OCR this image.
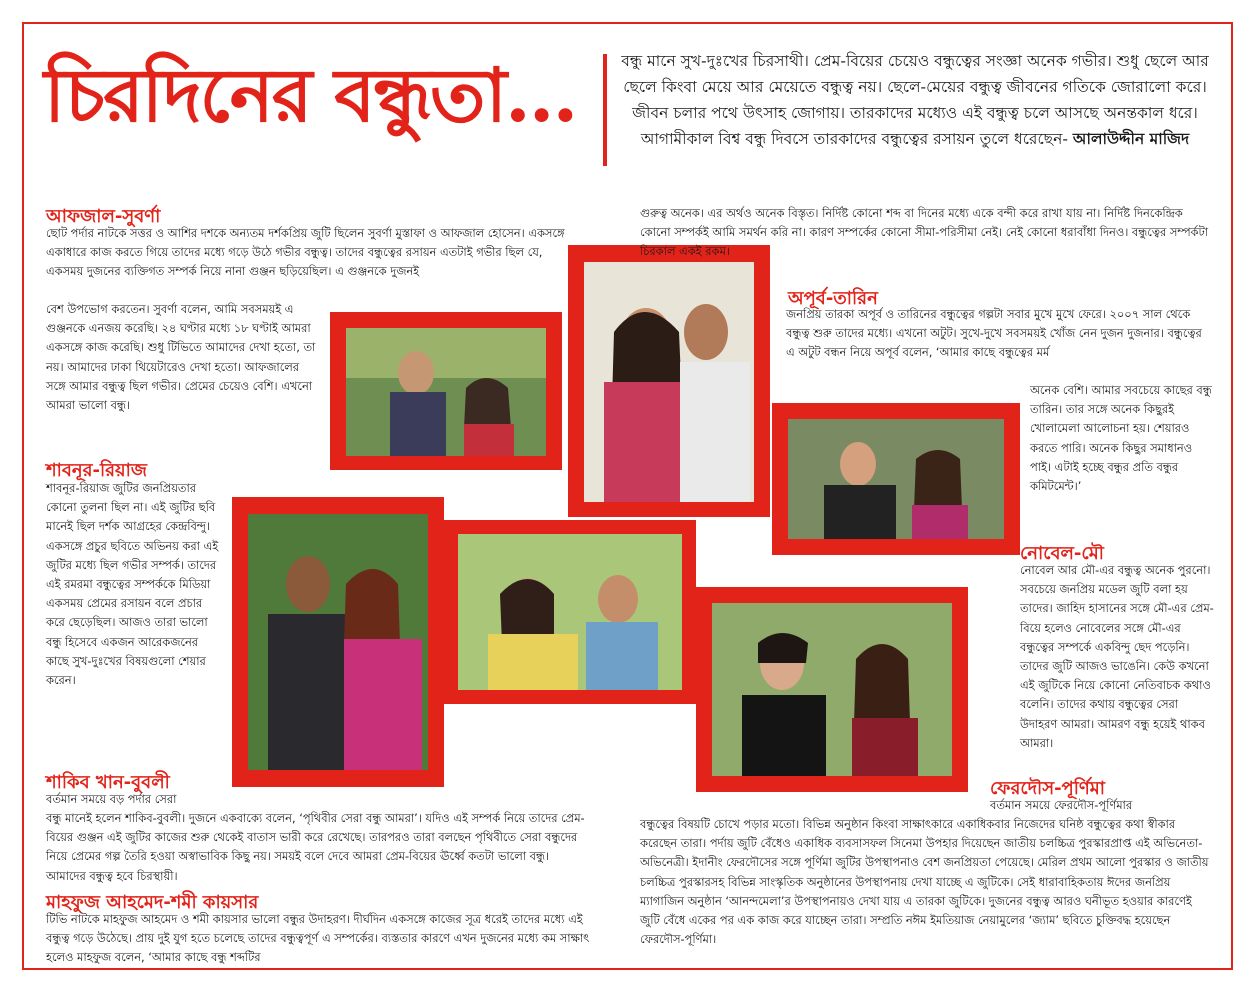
চিরদিনের বন্ধুতা...	বন্ধু মানে সুখ-দুঃখের চিরসাথী। প্রেম-বিয়ের চেয়েও বন্ধুত্বের সংজ্ঞা অনেক গভীর। শুধু ছেলে আর ছেলে কিংবা মেয়ে আর মেয়েতে বন্ধুত্ব নয়। ছেলে-মেয়ের বন্ধুত্ব জীবনের গতিকে জোরালো করে। জীবন চলার পথে উৎসাহ জোগায়। তারকাদের মধ্যেও এই বন্ধুত্ব চলে আসছে অনন্তকাল ধরে। আগামীকাল বিশ্ব বন্ধু দিবসে তারকাদের বন্ধুত্বের রসায়ন তুলে ধরেছেন- আলাউদ্দীন মাজিদ
আফজাল-সুবর্ণা

ছোট পর্দার নাটকে সত্তর ও আশির দশকে অন্যতম দর্শকপ্রিয় জুটি ছিলেন সুবর্ণা মুস্তাফা ও আফজাল হোসেন। একসঙ্গে একাধারে কাজ করতে গিয়ে তাদের মধ্যে গড়ে উঠে গভীর বন্ধুত্ব। তাদের বন্ধুত্বের রসায়ন এতটাই গভীর ছিল যে, একসময় দুজনের ব্যক্তিগত সম্পর্ক নিয়ে নানা গুঞ্জন ছড়িয়েছিল। এ গুঞ্জনকে দুজনই

বেশ উপভোগ করতেন। সুবর্ণা বলেন, আমি সবসময়ই এ গুঞ্জনকে এনজয় করেছি। ২৪ ঘণ্টার মধ্যে ১৮ ঘণ্টাই আমরা একসঙ্গে কাজ করেছি। শুধু টিভিতে আমাদের দেখা হতো, তা নয়। আমাদের ঢাকা থিয়েটারেও দেখা হতো। আফজালের সঙ্গে আমার বন্ধুত্ব ছিল গভীর। প্রেমের চেয়েও বেশি। এখনো আমরা ভালো বন্ধু।

শাবনূর-রিয়াজ

শাবনূর-রিয়াজ জুটির জনপ্রিয়তার কোনো তুলনা ছিল না। এই জুটির ছবি মানেই ছিল দর্শক আগ্রহের কেন্দ্রবিন্দু। একসঙ্গে প্রচুর ছবিতে অভিনয় করা এই জুটির মধ্যে ছিল গভীর সম্পর্ক। তাদের এই রমরমা বন্ধুত্বের সম্পর্ককে মিডিয়া একসময় প্রেমের রসায়ন বলে প্রচার করে ছেড়েছিল। আজও তারা ভালো বন্ধু হিসেবে একজন আরেকজনের কাছে সুখ-দুঃখের বিষয়গুলো শেয়ার করেন।

শাকিব খান-বুবলী

বর্তমান সময়ে বড় পর্দার সেরা

বন্ধু মানেই হলেন শাকিব-বুবলী। দুজনে একবাক্যে বলেন, ‘পৃথিবীর সেরা বন্ধু আমরা’। যদিও এই সম্পর্ক নিয়ে তাদের প্রেম-বিয়ের গুঞ্জন এই জুটির কাজের শুরু থেকেই বাতাস ভারী করে রেখেছে। তারপরও তারা বলছেন পৃথিবীতে সেরা বন্ধুদের নিয়ে প্রেমের গল্প তৈরি হওয়া অস্বাভাবিক কিছু নয়। সময়ই বলে দেবে আমরা প্রেম-বিয়ের ঊর্ধ্বে কতটা ভালো বন্ধু। আমাদের বন্ধুত্ব হবে চিরস্থায়ী।

মাহফুজ আহমেদ-শমী কায়সার

টিভি নাটকে মাহফুজ আহমেদ ও শমী কায়সার ভালো বন্ধুর উদাহরণ। দীর্ঘদিন একসঙ্গে কাজের সূত্র ধরেই তাদের মধ্যে এই বন্ধুত্ব গড়ে উঠেছে। প্রায় দুই যুগ হতে চলেছে তাদের বন্ধুত্বপূর্ণ এ সম্পর্কের। ব্যস্ততার কারণে এখন দুজনের মধ্যে কম সাক্ষাৎ হলেও মাহফুজ বলেন, ‘আমার কাছে বন্ধু শব্দটির

গুরুত্ব অনেক। এর অর্থও অনেক বিস্তৃত। নির্দিষ্ট কোনো শব্দ বা দিনের মধ্যে একে বন্দী করে রাখা যায় না। নির্দিষ্ট দিনকেন্দ্রিক কোনো সম্পর্কই আমি সমর্থন করি না। কারণ সম্পর্কের কোনো সীমা-পরিসীমা নেই। নেই কোনো ধরাবাঁধা দিনও। বন্ধুত্বের সম্পর্কটা চিরকাল একই রকম।

অপূর্ব-তারিন

জনপ্রিয় তারকা অপূর্ব ও তারিনের বন্ধুত্বের গল্পটা সবার মুখে মুখে ফেরে। ২০০৭ সাল থেকে বন্ধুত্ব শুরু তাদের মধ্যে। এখনো অটুট। সুখে-দুখে সবসময়ই খোঁজ নেন দুজন দুজনার। বন্ধুত্বের এ অটুট বন্ধন নিয়ে অপূর্ব বলেন, ‘আমার কাছে বন্ধুত্বের মর্ম

অনেক বেশি। আমার সবচেয়ে কাছের বন্ধু তারিন। তার সঙ্গে অনেক কিছুরই খোলামেলা আলোচনা হয়। শেয়ারও করতে পারি। অনেক কিছুর সমাধানও পাই। এটাই হচ্ছে বন্ধুর প্রতি বন্ধুর কমিটমেন্ট।’

নোবেল-মৌ

নোবেল আর মৌ-এর বন্ধুত্ব অনেক পুরনো। সবচেয়ে জনপ্রিয় মডেল জুটি বলা হয় তাদের। জাহিদ হাসানের সঙ্গে মৌ-এর প্রেম-বিয়ে হলেও নোবেলের সঙ্গে মৌ-এর বন্ধুত্বের সম্পর্কে একবিন্দু ছেদ পড়েনি। তাদের জুটি আজও ভাঙেনি। কেউ কখনো এই জুটিকে নিয়ে কোনো নেতিবাচক কথাও বলেনি। তাদের কথায় বন্ধুত্বের সেরা উদাহরণ আমরা। আমরণ বন্ধু হয়েই থাকব আমরা।

ফেরদৌস-পূর্ণিমা

বর্তমান সময়ে ফেরদৌস-পূর্ণিমার

বন্ধুত্বের বিষয়টি চোখে পড়ার মতো। বিভিন্ন অনুষ্ঠান কিংবা সাক্ষাৎকারে একাধিকবার নিজেদের ঘনিষ্ঠ বন্ধুত্বের কথা স্বীকার করেছেন তারা। পর্দায় জুটি বেঁধেও একাধিক ব্যবসাসফল সিনেমা উপহার দিয়েছেন জাতীয় চলচ্চিত্র পুরস্কারপ্রাপ্ত এই অভিনেতা-অভিনেত্রী। ইদানীং ফেরদৌসের সঙ্গে পূর্ণিমা জুটির উপস্থাপনাও বেশ জনপ্রিয়তা পেয়েছে। মেরিল প্রথম আলো পুরস্কার ও জাতীয় চলচ্চিত্র পুরস্কারসহ বিভিন্ন সাংস্কৃতিক অনুষ্ঠানের উপস্থাপনায় দেখা যাচ্ছে এ জুটিকে। সেই ধারাবাহিকতায় ঈদের জনপ্রিয় ম্যাগাজিন অনুষ্ঠান ‘আনন্দমেলা’র উপস্থাপনায়ও দেখা যায় এ তারকা জুটিকে। দুজনের বন্ধুত্ব আরও ঘনীভূত হওয়ার কারণেই জুটি বেঁধে একের পর এক কাজ করে যাচ্ছেন তারা। সম্প্রতি নঈম ইমতিয়াজ নেয়ামুলের ‘জ্যাম’ ছবিতে চুক্তিবদ্ধ হয়েছেন ফেরদৌস-পূর্ণিমা।
